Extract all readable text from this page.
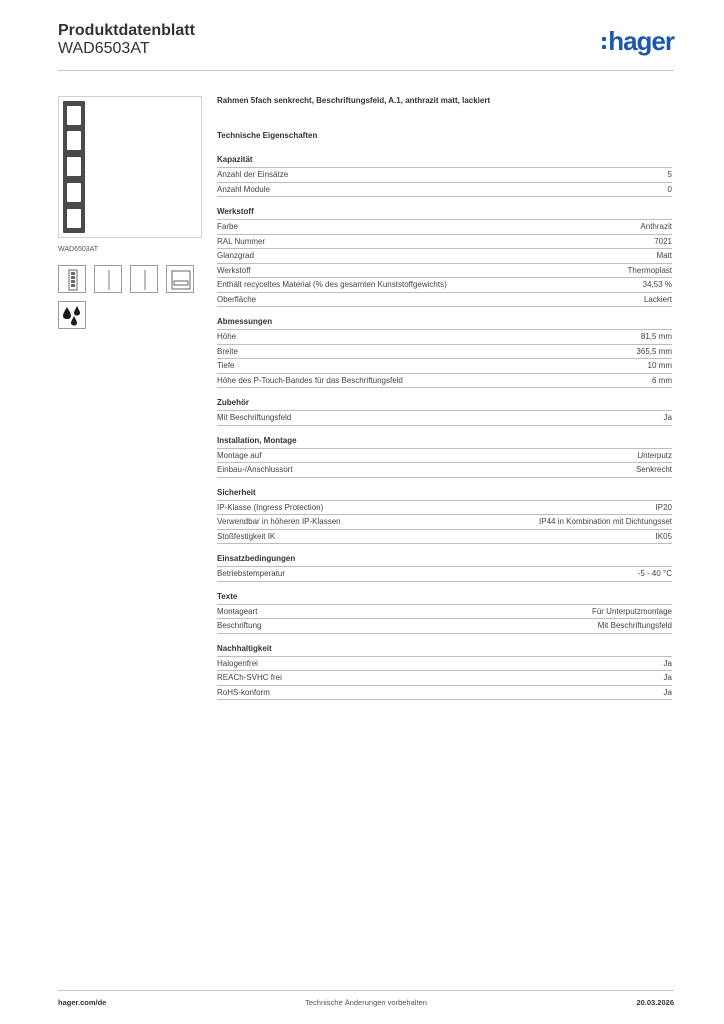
Produktdatenblatt
WAD6503AT	hager
WAD6503AT
Rahmen 5fach senkrecht, Beschriftungsfeld, A.1, anthrazit matt, lackiert
Technische Eigenschaften
Kapazität
Anzahl der Einsätze	5
Anzahl Module	0
Werkstoff
Farbe	Anthrazit
RAL Nummer	7021
Glanzgrad	Matt
Werkstoff	Thermoplast
Enthält recyceltes Material (% des gesamten Kunststoffgewichts)	34,53 %
Oberfläche	Lackiert
Abmessungen
Höhe	81,5 mm
Breite	365,5 mm
Tiefe	10 mm
Höhe des P-Touch-Bandes für das Beschriftungsfeld	6 mm
Zubehör
Mit Beschriftungsfeld	Ja
Installation, Montage
Montage auf	Unterputz
Einbau-/Anschlussort	Senkrecht
Sicherheit
IP-Klasse (Ingress Protection)	IP20
Verwendbar in höheren IP-Klassen	IP44 in Kombination mit Dichtungsset
Stoßfestigkeit IK	IK05
Einsatzbedingungen
Betriebstemperatur	-5 - 40 °C
Texte
Montageart	Für Unterputzmontage
Beschriftung	Mit Beschriftungsfeld
Nachhaltigkeit
Halogenfrei	Ja
REACh-SVHC frei	Ja
RoHS-konform	Ja
hager.com/de	Technische Änderungen vorbehalten	20.03.2026
